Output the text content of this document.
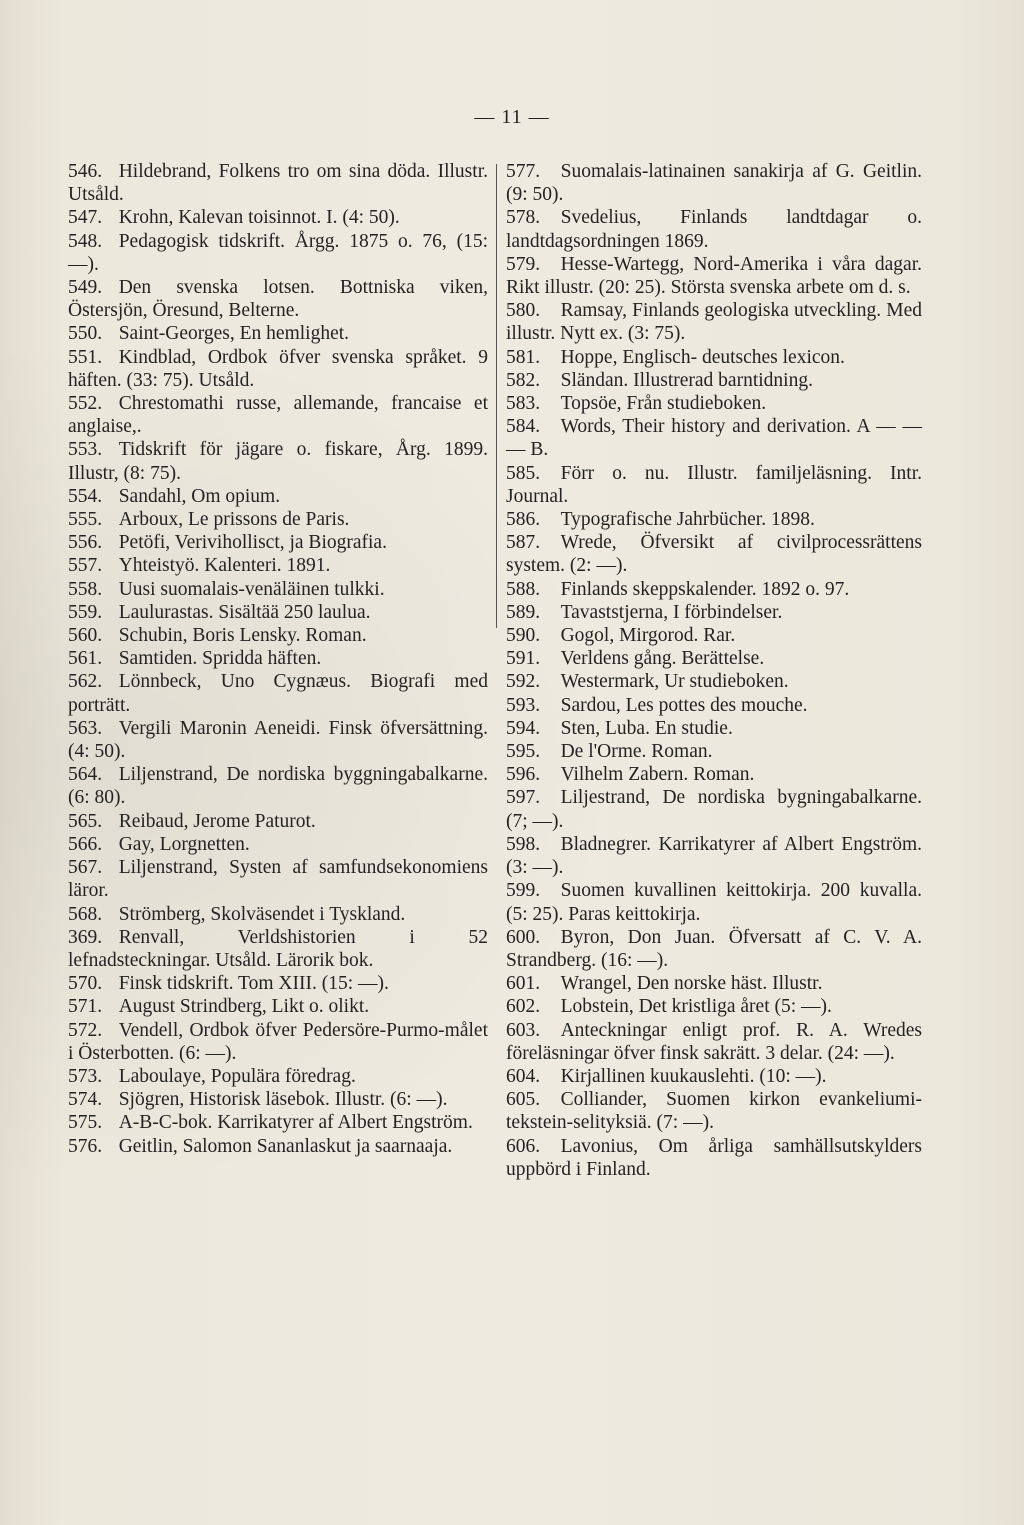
— 11 —

546. Hildebrand, Folkens tro om sina döda. Illustr. Utsåld.

547. Krohn, Kalevan toisinnot. I. (4: 50).

548. Pedagogisk tidskrift. Årgg. 1875 o. 76, (15: —).

549. Den svenska lotsen. Bottniska viken, Östersjön, Öresund, Belterne.

550. Saint-Georges, En hemlighet.

551. Kindblad, Ordbok öfver svenska språket. 9 häften. (33: 75). Utsåld.

552. Chrestomathi russe, allemande, francaise et anglaise,.

553. Tidskrift för jägare o. fiskare, Årg. 1899. Illustr, (8: 75).

554. Sandahl, Om opium.

555. Arboux, Le prissons de Paris.

556. Petöfi, Verivihollisct, ja Biografia.

557. Yhteistyö. Kalenteri. 1891.

558. Uusi suomalais-venäläinen tulkki.

559. Laulurastas. Sisältää 250 laulua.

560. Schubin, Boris Lensky. Roman.

561. Samtiden. Spridda häften.

562. Lönnbeck, Uno Cygnæus. Biografi med porträtt.

563. Vergili Maronin Aeneidi. Finsk öfversättning. (4: 50).

564. Liljenstrand, De nordiska byggningabalkarne. (6: 80).

565. Reibaud, Jerome Paturot.

566. Gay, Lorgnetten.

567. Liljenstrand, Systen af samfundsekonomiens läror.

568. Strömberg, Skolväsendet i Tyskland.

369. Renvall, Verldshistorien i 52 lefnadsteckningar. Utsåld. Lärorik bok.

570. Finsk tidskrift. Tom XIII. (15: —).

571. August Strindberg, Likt o. olikt.

572. Vendell, Ordbok öfver Pedersöre-Purmo-målet i Österbotten. (6: —).

573. Laboulaye, Populära föredrag.

574. Sjögren, Historisk läsebok. Illustr. (6: —).

575. A-B-C-bok. Karrikatyrer af Albert Engström.

576. Geitlin, Salomon Sananlaskut ja saarnaaja.

577. Suomalais-latinainen sanakirja af G. Geitlin. (9: 50).

578. Svedelius, Finlands landtdagar o. landtdagsordningen 1869.

579. Hesse-Wartegg, Nord-Amerika i våra dagar. Rikt illustr. (20: 25). Största svenska arbete om d. s.

580. Ramsay, Finlands geologiska utveckling. Med illustr. Nytt ex. (3: 75).

581. Hoppe, Englisch- deutsches lexicon.

582. Sländan. Illustrerad barntidning.

583. Topsöe, Från studieboken.

584. Words, Their history and derivation. A — — — B.

585. Förr o. nu. Illustr. familjeläsning. Intr. Journal.

586. Typografische Jahrbücher. 1898.

587. Wrede, Öfversikt af civilprocessrättens system. (2: —).

588. Finlands skeppskalender. 1892 o. 97.

589. Tavaststjerna, I förbindelser.

590. Gogol, Mirgorod. Rar.

591. Verldens gång. Berättelse.

592. Westermark, Ur studieboken.

593. Sardou, Les pottes des mouche.

594. Sten, Luba. En studie.

595. De l'Orme. Roman.

596. Vilhelm Zabern. Roman.

597. Liljestrand, De nordiska bygningabalkarne. (7; —).

598. Bladnegrer. Karrikatyrer af Albert Engström. (3: —).

599. Suomen kuvallinen keittokirja. 200 kuvalla. (5: 25). Paras keittokirja.

600. Byron, Don Juan. Öfversatt af C. V. A. Strandberg. (16: —).

601. Wrangel, Den norske häst. Illustr.

602. Lobstein, Det kristliga året (5: —).

603. Anteckningar enligt prof. R. A. Wredes föreläsningar öfver finsk sakrätt. 3 delar. (24: —).

604. Kirjallinen kuukauslehti. (10: —).

605. Colliander, Suomen kirkon evankeliumi- tekstein-selityksiä. (7: —).

606. Lavonius, Om årliga samhällsutskylders uppbörd i Finland.
